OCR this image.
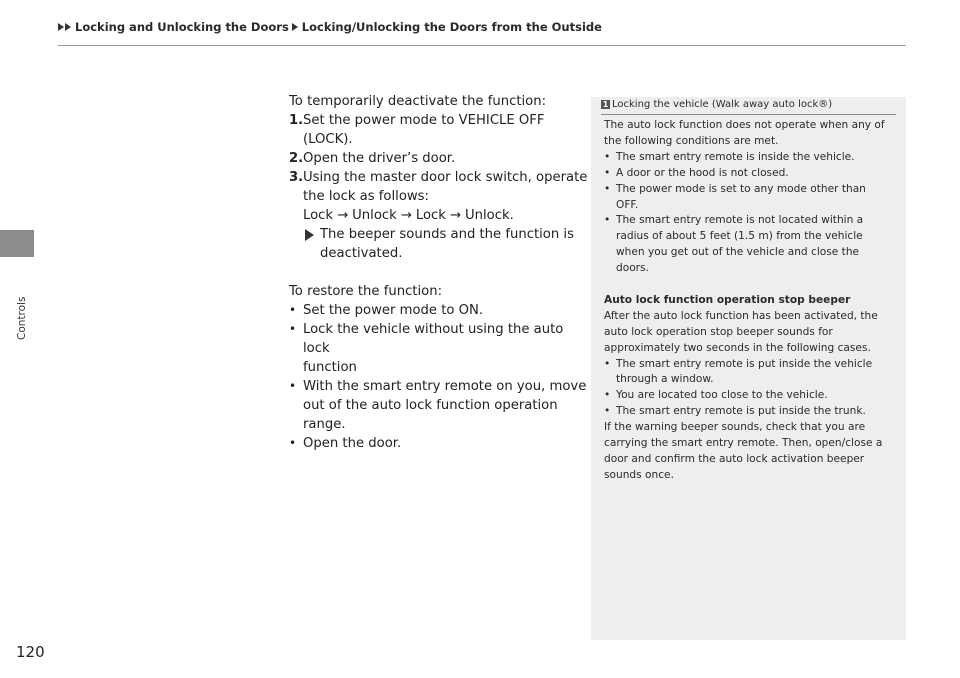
Locking and Unlocking the Doors Locking/Unlocking the Doors from the Outside
Controls
120

To temporarily deactivate the function:

1. Set the power mode to VEHICLE OFF

(LOCK).

2. Open the driver’s door.
3. Using the master door lock switch, operate

the lock as follows:

Lock → Unlock → Lock → Unlock.

The beeper sounds and the function is

deactivated.

To restore the function:

• Set the power mode to ON.
• Lock the vehicle without using the auto lock

function

• With the smart entry remote on you, move

out of the auto lock function operation

range.

• Open the door.
1 Locking the vehicle (Walk away auto lock®)

The auto lock function does not operate when any of

the following conditions are met.

• The smart entry remote is inside the vehicle.
• A door or the hood is not closed.
• The power mode is set to any mode other than

OFF.

• The smart entry remote is not located within a

radius of about 5 feet (1.5 m) from the vehicle

when you get out of the vehicle and close the

doors.

Auto lock function operation stop beeper

After the auto lock function has been activated, the

auto lock operation stop beeper sounds for

approximately two seconds in the following cases.

• The smart entry remote is put inside the vehicle

through a window.

• You are located too close to the vehicle.
• The smart entry remote is put inside the trunk.

If the warning beeper sounds, check that you are

carrying the smart entry remote. Then, open/close a

door and confirm the auto lock activation beeper

sounds once.
